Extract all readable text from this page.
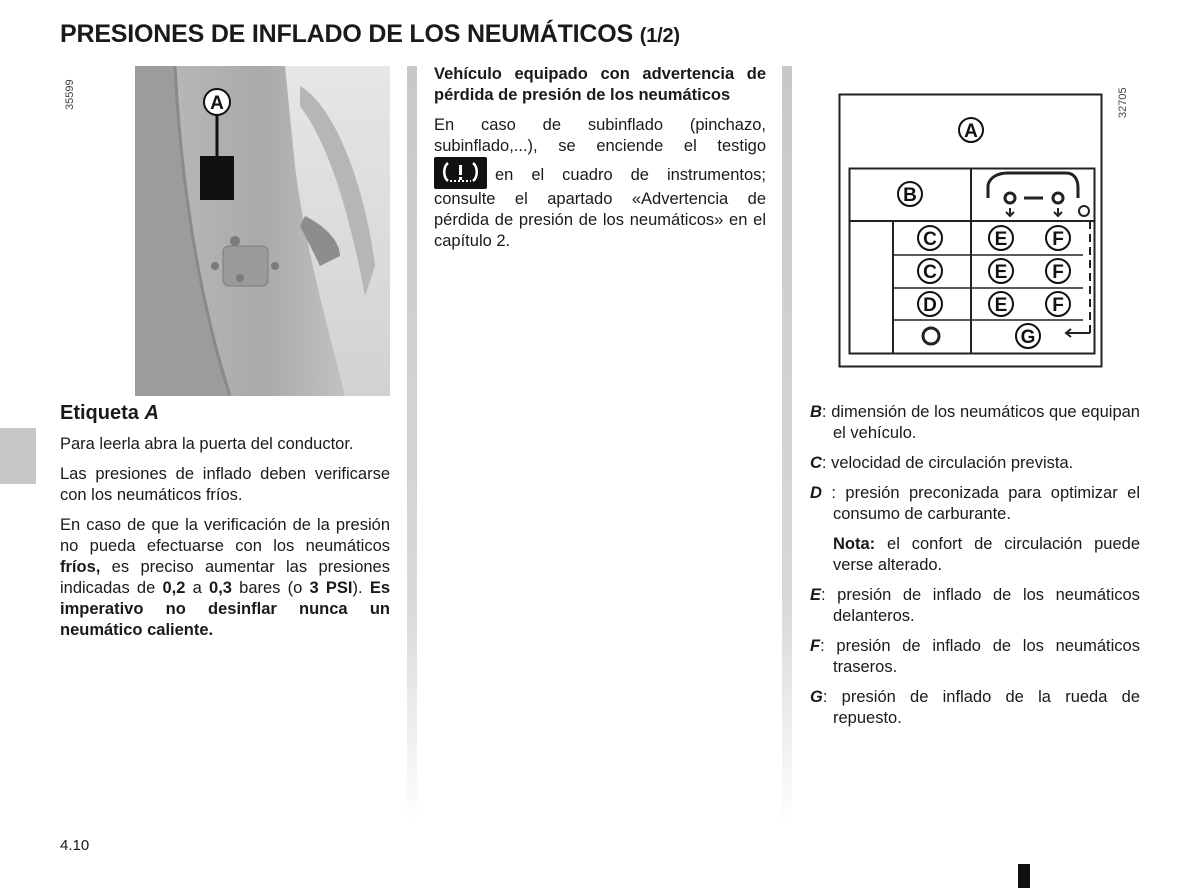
PRESIONES DE INFLADO DE LOS NEUMÁTICOS (1/2)
35599	A	32705
A
B
C	E F
C	E F
D	E F
G
Etiqueta A

Para leerla abra la puerta del conductor.

Las presiones de inflado deben verificarse con los neumáticos fríos.

En caso de que la verificación de la presión no pueda efectuarse con los neumáticos fríos, es preciso aumentar las presiones indicadas de 0,2 a 0,3 bares (o 3 PSI). Es imperativo no desinflar nunca un neumático caliente.

Vehículo equipado con advertencia de pérdida de presión de los neumáticos

En caso de subinflado (pinchazo, subinflado,...), se enciende el testigo en el cuadro de instrumentos; consulte el apartado «Advertencia de pérdida de presión de los neumáticos» en el capítulo 2.

B: dimensión de los neumáticos que equipan el vehículo.

C: velocidad de circulación prevista.

D : presión preconizada para optimizar el consumo de carburante.

Nota: el confort de circulación puede verse alterado.

E: presión de inflado de los neumáticos delanteros.

F: presión de inflado de los neumáticos traseros.

G: presión de inflado de la rueda de repuesto.

4.10
